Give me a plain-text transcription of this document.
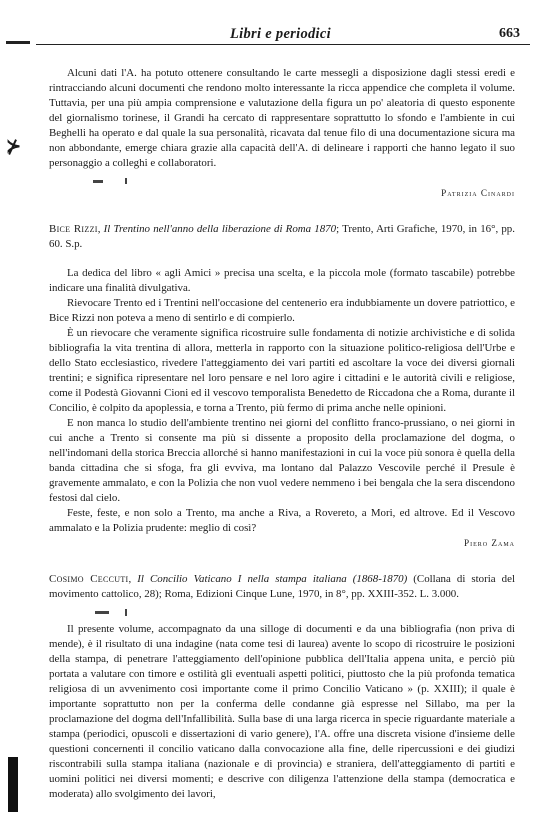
Libri e periodici	663

Alcuni dati l'A. ha potuto ottenere consultando le carte messegli a disposizione dagli stessi eredi e rintracciando alcuni documenti che rendono molto interessante la ricca appendice che completa il volume. Tuttavia, per una più ampia comprensione e valutazione della figura un po' aleatoria di questo esponente del giornalismo torinese, il Grandi ha cercato di rappresentare soprattutto lo sfondo e l'ambiente in cui Beghelli ha operato e dal quale la sua personalità, ricavata dal tenue filo di una documentazione sicura ma non abbondante, emerge chiara grazie alla capacità dell'A. di delineare i rapporti che hanno legato il suo personaggio a colleghi e collaboratori.

⊁
Patrizia Cinardi
Bice Rizzi, Il Trentino nell'anno della liberazione di Roma 1870; Trento, Arti Grafiche, 1970, in 16°, pp. 60. S.p.

La dedica del libro « agli Amici » precisa una scelta, e la piccola mole (formato tascabile) potrebbe indicare una finalità divulgativa.

Rievocare Trento ed i Trentini nell'occasione del centenerio era indubbiamente un dovere patriottico, e Bice Rizzi non poteva a meno di sentirlo e di compierlo.

È un rievocare che veramente significa ricostruire sulle fondamenta di notizie archivistiche e di solida bibliografia la vita trentina di allora, metterla in rapporto con la situazione politico-religiosa dell'Urbe e dello Stato ecclesiastico, rivedere l'atteggiamento dei vari partiti ed ascoltare la voce dei diversi giornali trentini; e significa ripresentare nel loro pensare e nel loro agire i cittadini e le autorità civili e religiose, come il Podestà Giovanni Cioni ed il vescovo temporalista Benedetto de Riccadona che a Roma, durante il Concilio, è colpito da apoplessia, e torna a Trento, più fermo di prima anche nelle opinioni.

E non manca lo studio dell'ambiente trentino nei giorni del conflitto franco-prussiano, o nei giorni in cui anche a Trento si consente ma più si dissente a proposito della proclamazione del dogma, o nell'indomani della storica Breccia allorché si hanno manifestazioni in cui la voce più sonora è quella della banda cittadina che si sfoga, fra gli evviva, ma lontano dal Palazzo Vescovile perché il Presule è gravemente ammalato, e con la Polizia che non vuol vedere nemmeno i bei bengala che la sera discendono festosi dal cielo.

Feste, feste, e non solo a Trento, ma anche a Riva, a Rovereto, a Mori, ed altrove. Ed il Vescovo ammalato e la Polizia prudente: meglio di così?

Piero Zama
Cosimo Ceccuti, Il Concilio Vaticano I nella stampa italiana (1868-1870) (Collana di storia del movimento cattolico, 28); Roma, Edizioni Cinque Lune, 1970, in 8°, pp. XXIII-352. L. 3.000.

Il presente volume, accompagnato da una silloge di documenti e da una bibliografia (non priva di mende), è il risultato di una indagine (nata come tesi di laurea) avente lo scopo di ricostruire le posizioni della stampa, di penetrare l'atteggiamento dell'opinione pubblica dell'Italia appena unita, e perciò più portata a valutare con timore e ostilità gli eventuali aspetti politici, piuttosto che la più profonda tematica religiosa di un avvenimento così importante come il primo Concilio Vaticano » (p. XXIII); il quale è importante soprattutto non per la conferma delle condanne già espresse nel Sillabo, ma per la proclamazione del dogma dell'Infallibilità. Sulla base di una larga ricerca in specie riguardante materiale a stampa (periodici, opuscoli e dissertazioni di vario genere), l'A. offre una discreta visione d'insieme delle questioni concernenti il concilio vaticano dalla convocazione alla fine, delle ripercussioni e dei giudizi riscontrabili sulla stampa italiana (nazionale e di provincia) e straniera, dell'atteggiamento di partiti e uomini politici nei diversi momenti; e descrive con diligenza l'attenzione della stampa (democratica e moderata) allo svolgimento dei lavori,
